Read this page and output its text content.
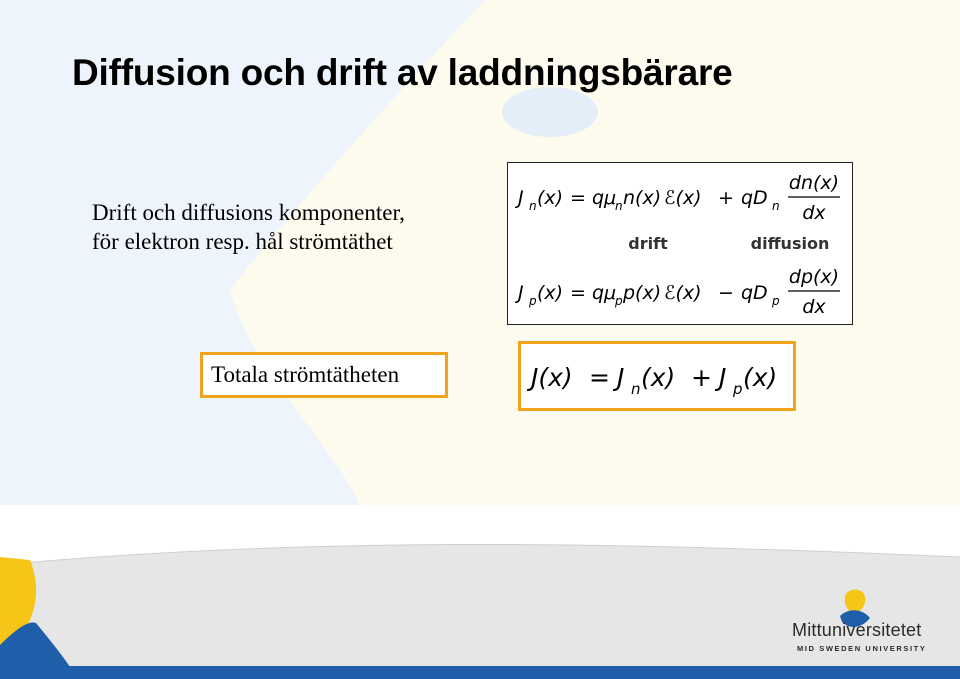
Diffusion och drift av laddningsbärare

Drift och diffusions komponenter,
för elektron resp. hål strömtäthet

J n (x) = qμ
n n(x) ℰ(x) + qD n
dn(x)
dx
drift	diffusion
J p (x) = qμ
p p(x) ℰ(x) − qD p
dp(x)
dx
Totala strömtätheten	J(x) = J n (x) + J p (x)
Mittuniversitetet
MID SWEDEN UNIVERSITY
